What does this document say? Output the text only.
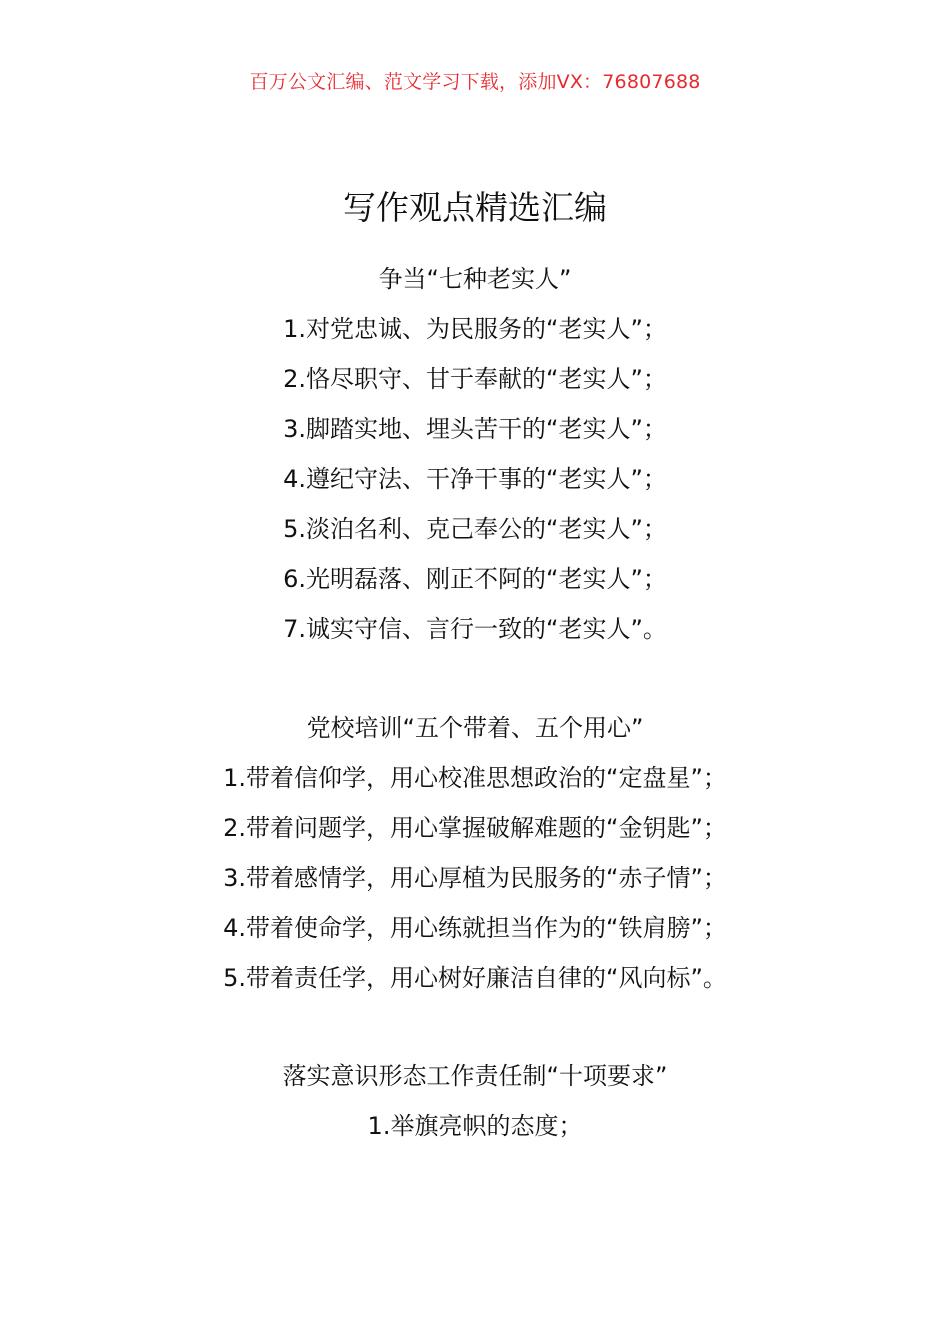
百万公文汇编、范文学习下载，添加VX：76807688
写作观点精选汇编
争当“七种老实人”
1.对党忠诚、为民服务的“老实人”；
2.恪尽职守、甘于奉献的“老实人”；
3.脚踏实地、埋头苦干的“老实人”；
4.遵纪守法、干净干事的“老实人”；
5.淡泊名利、克己奉公的“老实人”；
6.光明磊落、刚正不阿的“老实人”；
7.诚实守信、言行一致的“老实人”。
党校培训“五个带着、五个用心”
1.带着信仰学，用心校准思想政治的“定盘星”；
2.带着问题学，用心掌握破解难题的“金钥匙”；
3.带着感情学，用心厚植为民服务的“赤子情”；
4.带着使命学，用心练就担当作为的“铁肩膀”；
5.带着责任学，用心树好廉洁自律的“风向标”。
落实意识形态工作责任制“十项要求”
1.举旗亮帜的态度；
